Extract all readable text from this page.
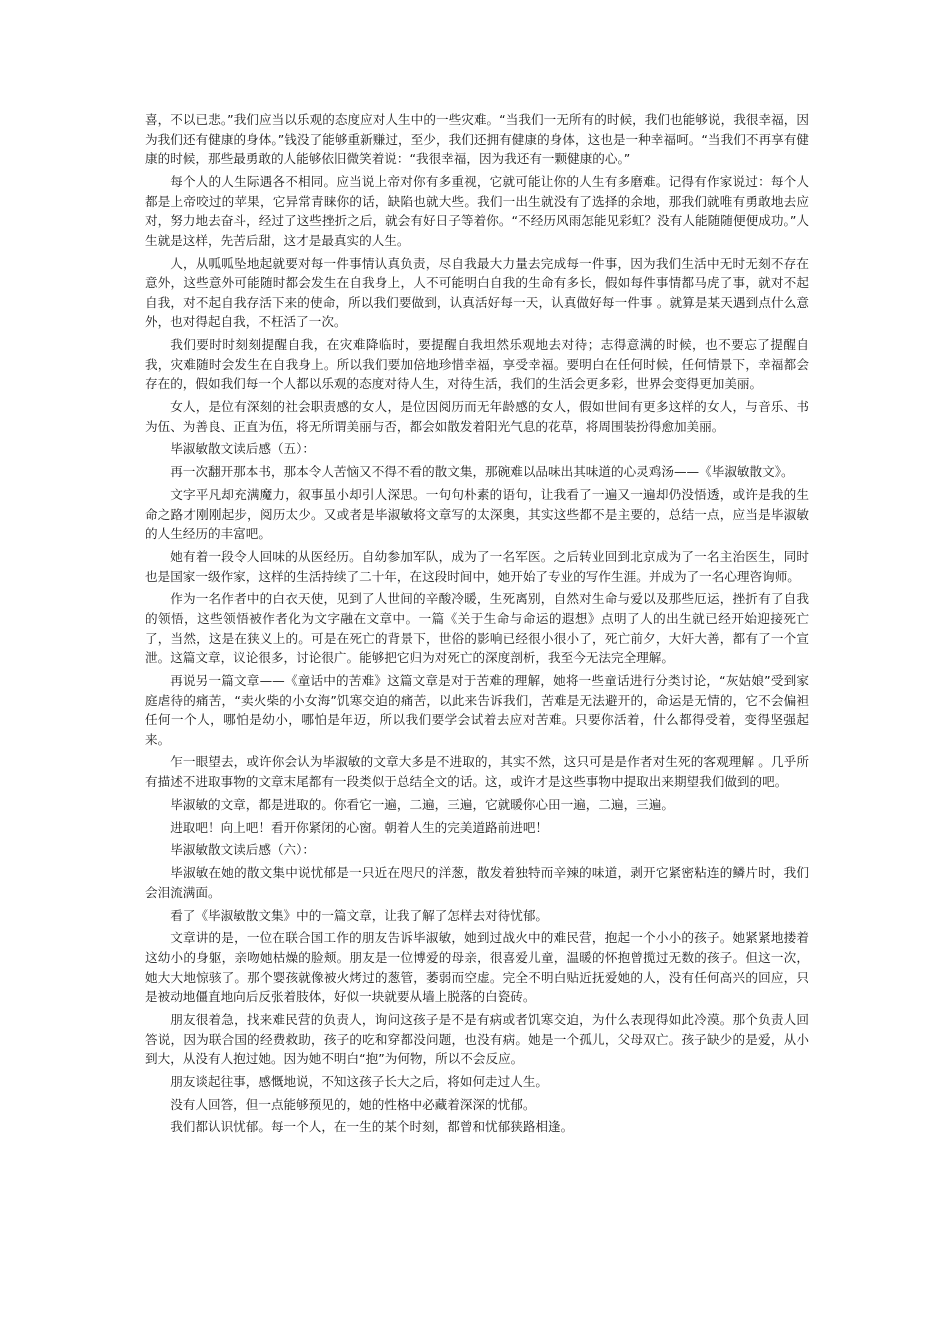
喜，不以已悲。”我们应当以乐观的态度应对人生中的一些灾难。“当我们一无所有的时候，我们也能够说，我很幸福，因为我们还有健康的身体。”钱没了能够重新赚过，至少，我们还拥有健康的身体，这也是一种幸福呵。“当我们不再享有健康的时候，那些最勇敢的人能够依旧微笑着说：“我很幸福，因为我还有一颗健康的心。”

每个人的人生际遇各不相同。应当说上帝对你有多重视，它就可能让你的人生有多磨难。记得有作家说过：每个人都是上帝咬过的苹果，它异常青睐你的话，缺陷也就大些。我们一出生就没有了选择的余地，那我们就唯有勇敢地去应对，努力地去奋斗，经过了这些挫折之后，就会有好日子等着你。“不经历风雨怎能见彩虹？没有人能随随便便成功。”人生就是这样，先苦后甜，这才是最真实的人生。

人，从呱呱坠地起就要对每一件事情认真负责，尽自我最大力量去完成每一件事，因为我们生活中无时无刻不存在意外，这些意外可能随时都会发生在自我身上，人不可能明白自我的生命有多长，假如每件事情都马虎了事，就对不起自我，对不起自我存活下来的使命，所以我们要做到，认真活好每一天，认真做好每一件事 。就算是某天遇到点什么意外，也对得起自我，不枉活了一次。

我们要时时刻刻提醒自我，在灾难降临时，要提醒自我坦然乐观地去对待；志得意满的时候，也不要忘了提醒自我，灾难随时会发生在自我身上。所以我们要加倍地珍惜幸福，享受幸福。要明白在任何时候，任何情景下，幸福都会存在的，假如我们每一个人都以乐观的态度对待人生，对待生活，我们的生活会更多彩，世界会变得更加美丽。

女人，是位有深刻的社会职责感的女人，是位因阅历而无年龄感的女人，假如世间有更多这样的女人，与音乐、书为伍、为善良、正直为伍，将无所谓美丽与否，都会如散发着阳光气息的花草，将周围装扮得愈加美丽。

毕淑敏散文读后感（五）：

再一次翻开那本书，那本令人苦恼又不得不看的散文集，那碗难以品味出其味道的心灵鸡汤——《毕淑敏散文》。

文字平凡却充满魔力，叙事虽小却引人深思。一句句朴素的语句，让我看了一遍又一遍却仍没悟透，或许是我的生命之路才刚刚起步，阅历太少。又或者是毕淑敏将文章写的太深奥，其实这些都不是主要的，总结一点，应当是毕淑敏的人生经历的丰富吧。

她有着一段令人回味的从医经历。自幼参加军队，成为了一名军医。之后转业回到北京成为了一名主治医生，同时也是国家一级作家，这样的生活持续了二十年，在这段时间中，她开始了专业的写作生涯。并成为了一名心理咨询师。

作为一名作者中的白衣天使，见到了人世间的辛酸冷暖，生死离别，自然对生命与爱以及那些厄运，挫折有了自我的领悟，这些领悟被作者化为文字融在文章中。一篇《关于生命与命运的遐想》点明了人的出生就已经开始迎接死亡了，当然，这是在狭义上的。可是在死亡的背景下，世俗的影响已经很小很小了，死亡前夕，大奸大善，都有了一个宣泄。这篇文章，议论很多，讨论很广。能够把它归为对死亡的深度剖析，我至今无法完全理解。

再说另一篇文章——《童话中的苦难》这篇文章是对于苦难的理解，她将一些童话进行分类讨论，“灰姑娘”受到家庭虐待的痛苦，“卖火柴的小女海”饥寒交迫的痛苦，以此来告诉我们，苦难是无法避开的，命运是无情的，它不会偏袒任何一个人，哪怕是幼小，哪怕是年迈，所以我们要学会试着去应对苦难。只要你活着，什么都得受着，变得坚强起来。

乍一眼望去，或许你会认为毕淑敏的文章大多是不进取的，其实不然，这只可是是作者对生死的客观理解 。几乎所有描述不进取事物的文章末尾都有一段类似于总结全文的话。这，或许才是这些事物中提取出来期望我们做到的吧。

毕淑敏的文章，都是进取的。你看它一遍，二遍，三遍，它就暖你心田一遍，二遍，三遍。

进取吧！向上吧！看开你紧闭的心窗。朝着人生的完美道路前进吧！

毕淑敏散文读后感（六）：

毕淑敏在她的散文集中说忧郁是一只近在咫尺的洋葱，散发着独特而辛辣的味道，剥开它紧密粘连的鳞片时，我们会泪流满面。

看了《毕淑敏散文集》中的一篇文章，让我了解了怎样去对待忧郁。

文章讲的是，一位在联合国工作的朋友告诉毕淑敏，她到过战火中的难民营，抱起一个小小的孩子。她紧紧地搂着这幼小的身躯，亲吻她枯燥的脸颊。朋友是一位博爱的母亲，很喜爱儿童，温暖的怀抱曾揽过无数的孩子。但这一次，她大大地惊骇了。那个婴孩就像被火烤过的葱管，萎弱而空虚。完全不明白贴近抚爱她的人，没有任何高兴的回应，只是被动地僵直地向后反张着肢体，好似一块就要从墙上脱落的白瓷砖。

朋友很着急，找来难民营的负责人，询问这孩子是不是有病或者饥寒交迫，为什么表现得如此冷漠。那个负责人回答说，因为联合国的经费救助，孩子的吃和穿都没问题，也没有病。她是一个孤儿，父母双亡。孩子缺少的是爱，从小到大，从没有人抱过她。因为她不明白“抱”为何物，所以不会反应。

朋友谈起往事，感慨地说，不知这孩子长大之后，将如何走过人生。

没有人回答，但一点能够预见的，她的性格中必藏着深深的忧郁。

我们都认识忧郁。每一个人，在一生的某个时刻，都曾和忧郁狭路相逢。
